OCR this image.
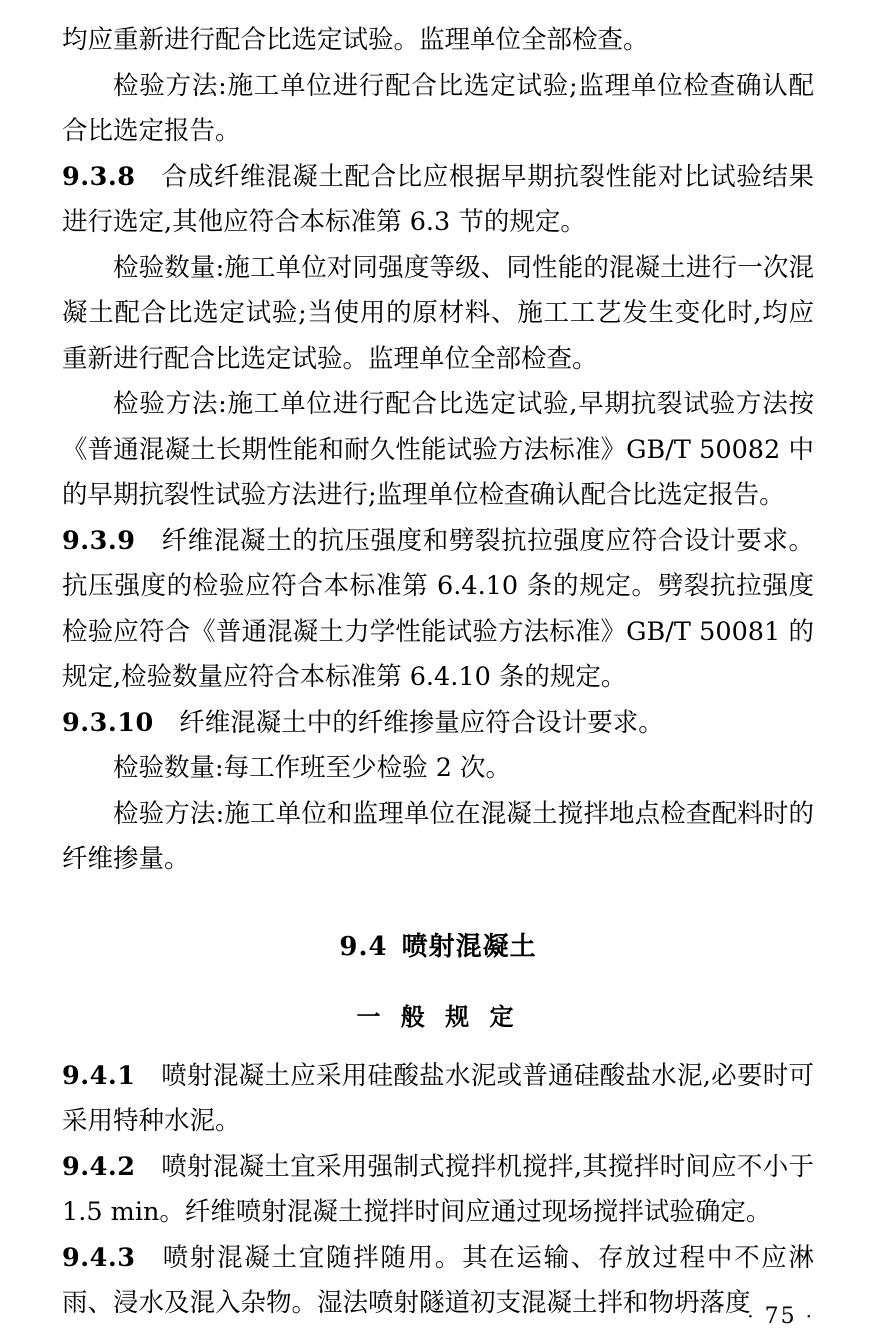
均应重新进行配合比选定试验。监理单位全部检查。

检验方法:施工单位进行配合比选定试验;监理单位检查确认配合比选定报告。

9.3.8 合成纤维混凝土配合比应根据早期抗裂性能对比试验结果进行选定,其他应符合本标准第 6.3 节的规定。

检验数量:施工单位对同强度等级、同性能的混凝土进行一次混凝土配合比选定试验;当使用的原材料、施工工艺发生变化时,均应重新进行配合比选定试验。监理单位全部检查。

检验方法:施工单位进行配合比选定试验,早期抗裂试验方法按《普通混凝土长期性能和耐久性能试验方法标准》GB/T 50082 中的早期抗裂性试验方法进行;监理单位检查确认配合比选定报告。

9.3.9 纤维混凝土的抗压强度和劈裂抗拉强度应符合设计要求。抗压强度的检验应符合本标准第 6.4.10 条的规定。劈裂抗拉强度检验应符合《普通混凝土力学性能试验方法标准》GB/T 50081 的规定,检验数量应符合本标准第 6.4.10 条的规定。

9.3.10 纤维混凝土中的纤维掺量应符合设计要求。

检验数量:每工作班至少检验 2 次。

检验方法:施工单位和监理单位在混凝土搅拌地点检查配料时的纤维掺量。

9.4 喷射混凝土
一 般 规 定

9.4.1 喷射混凝土应采用硅酸盐水泥或普通硅酸盐水泥,必要时可采用特种水泥。

9.4.2 喷射混凝土宜采用强制式搅拌机搅拌,其搅拌时间应不小于 1.5 min。纤维喷射混凝土搅拌时间应通过现场搅拌试验确定。

9.4.3 喷射混凝土宜随拌随用。其在运输、存放过程中不应淋雨、浸水及混入杂物。湿法喷射隧道初支混凝土拌和物坍落度

· 75 ·
